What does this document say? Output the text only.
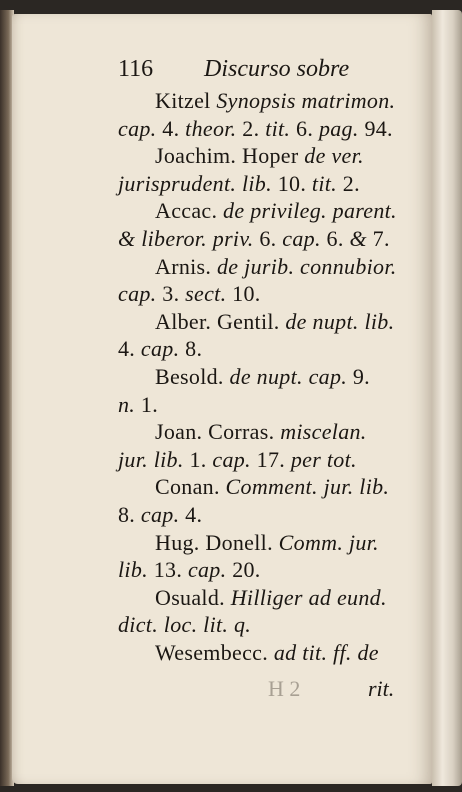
116 Discurso sobre
Kitzel Synopsis matrimon.
cap. 4. theor. 2. tit. 6. pag. 94.
Joachim. Hoper de ver.
jurisprudent. lib. 10. tit. 2.
Accac. de privileg. parent.
& liberor. priv. 6. cap. 6. & 7.
Arnis. de jurib. connubior.
cap. 3. sect. 10.
Alber. Gentil. de nupt. lib.
4. cap. 8.
Besold. de nupt. cap. 9.
n. 1.
Joan. Corras. miscelan.
jur. lib. 1. cap. 17. per tot.
Conan. Comment. jur. lib.
8. cap. 4.
Hug. Donell. Comm. jur.
lib. 13. cap. 20.
Osuald. Hilliger ad eund.
dict. loc. lit. q.
Wesembecc. ad tit. ff. de
H 2	rit.
